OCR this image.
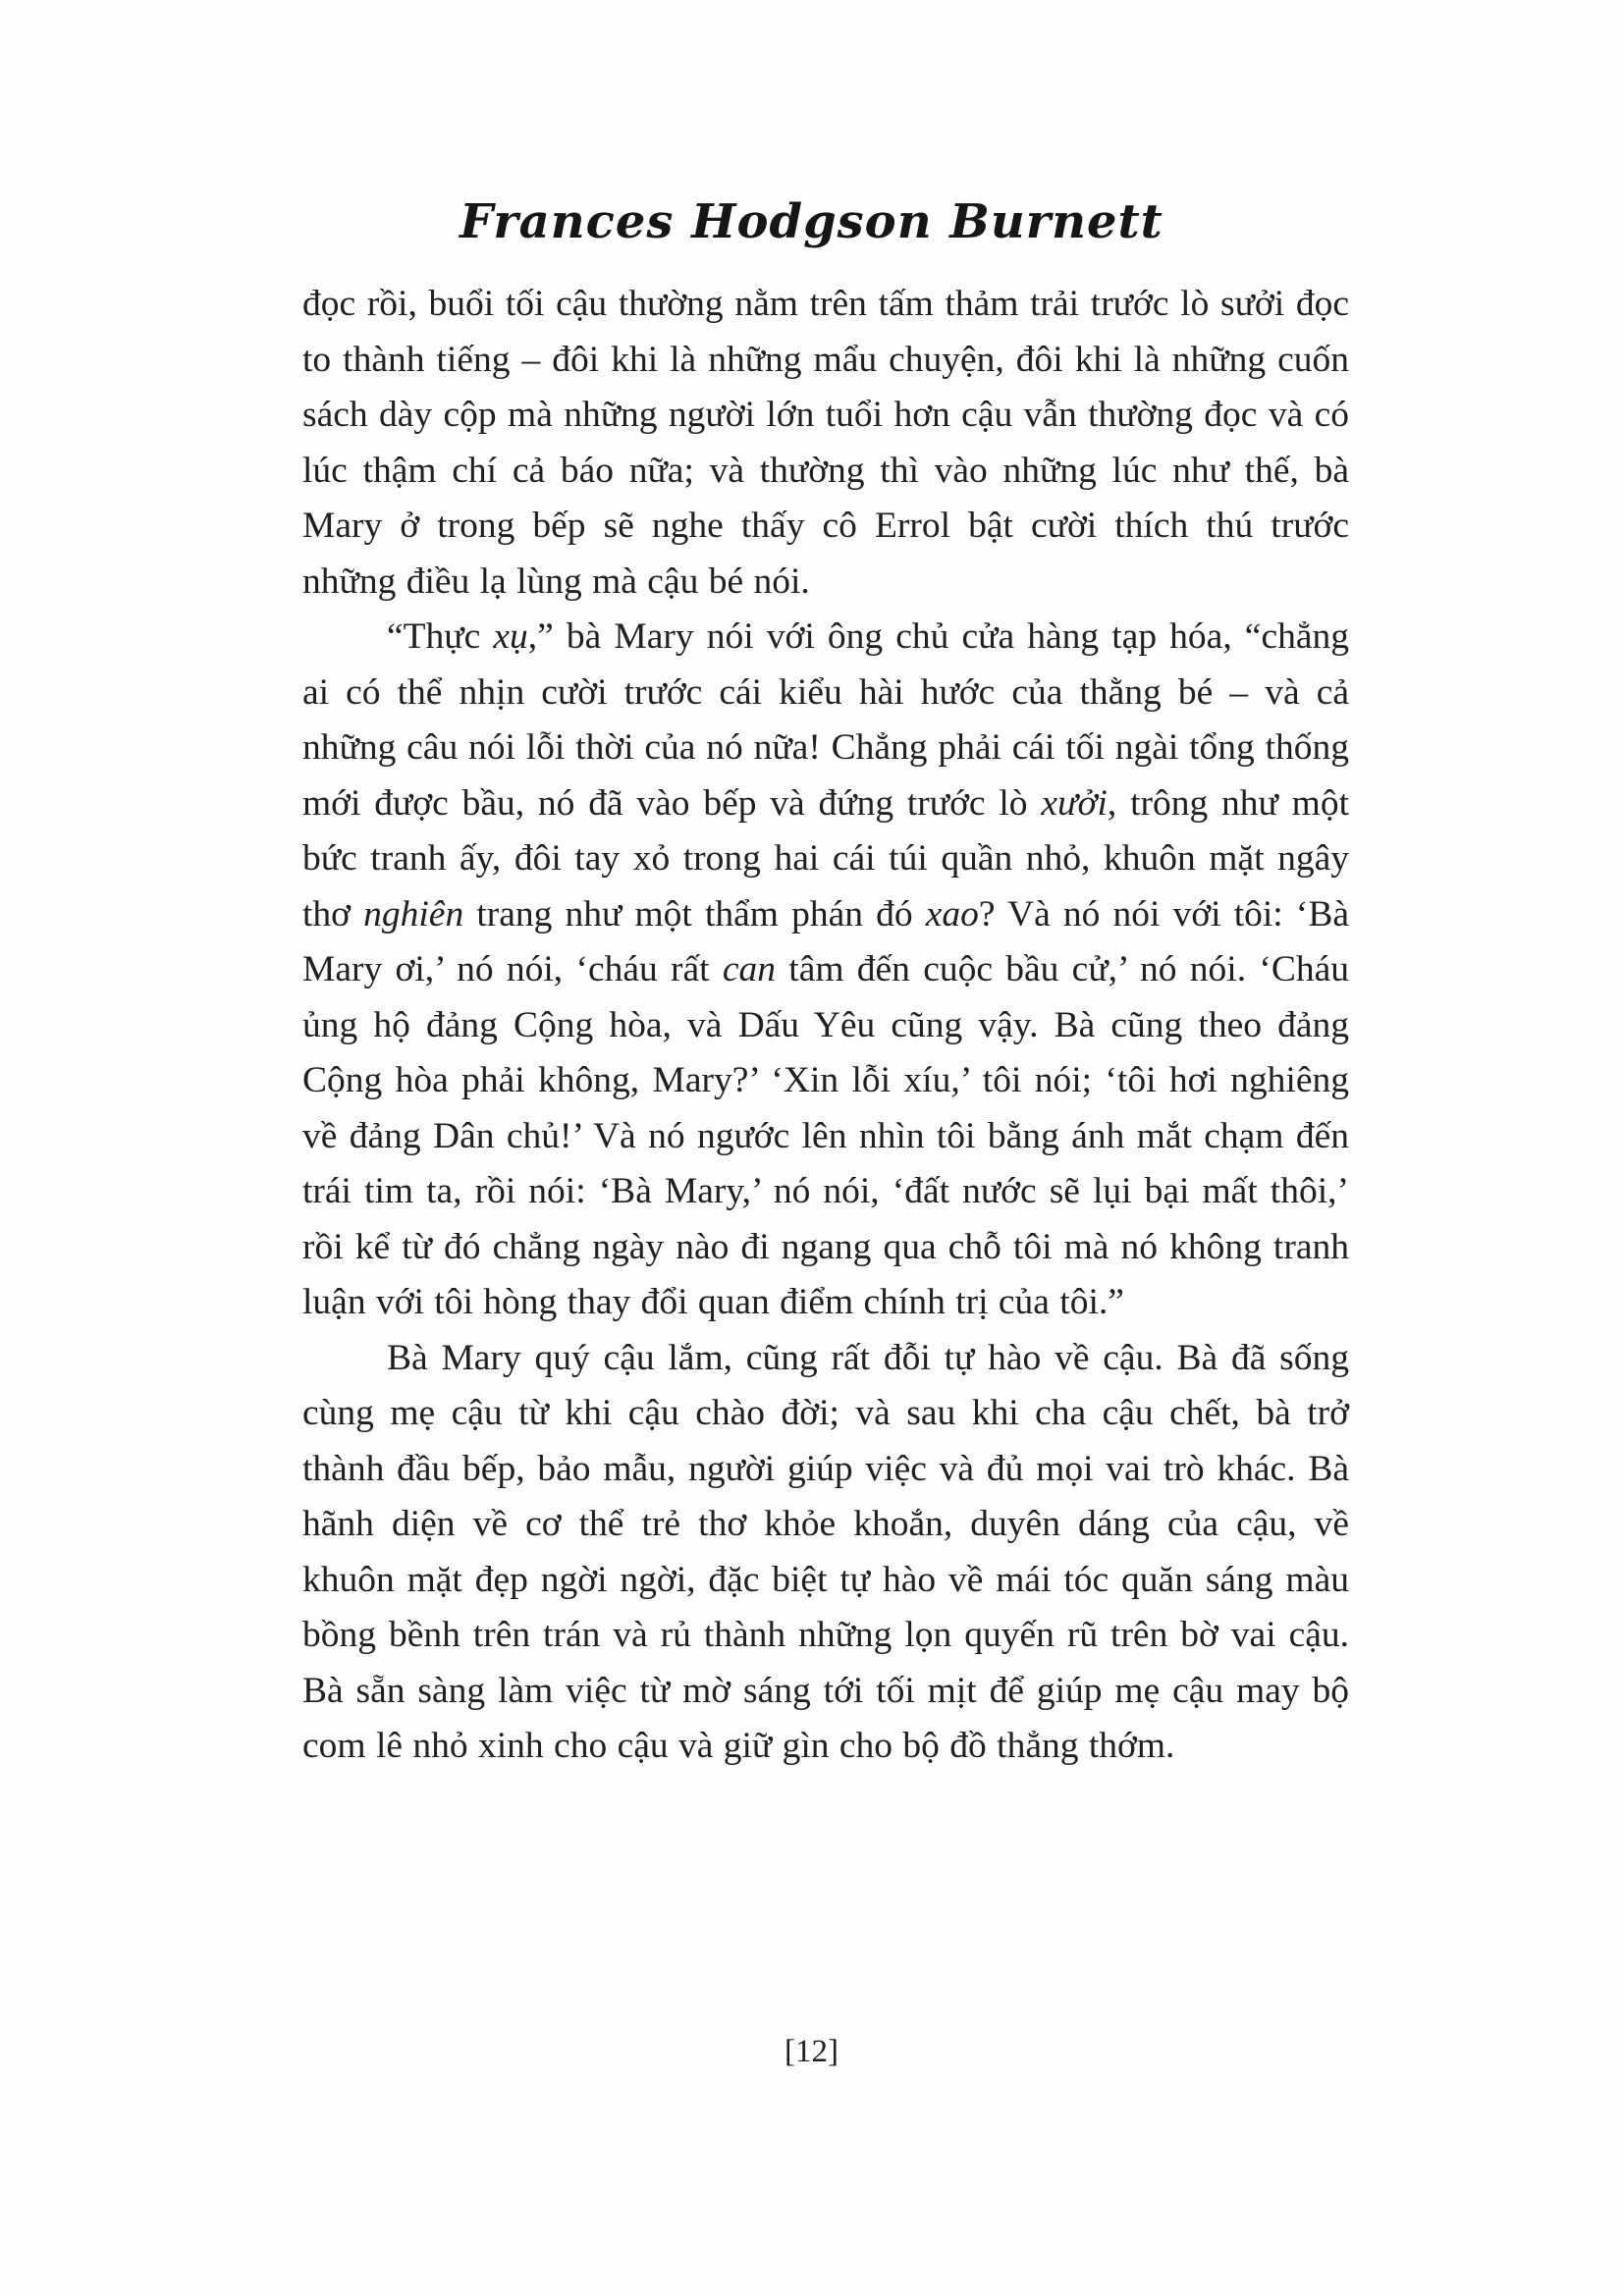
Frances Hodgson Burnett

đọc rồi, buổi tối cậu thường nằm trên tấm thảm trải trước lò sưởi đọc to thành tiếng – đôi khi là những mẩu chuyện, đôi khi là những cuốn sách dày cộp mà những người lớn tuổi hơn cậu vẫn thường đọc và có lúc thậm chí cả báo nữa; và thường thì vào những lúc như thế, bà Mary ở trong bếp sẽ nghe thấy cô Errol bật cười thích thú trước những điều lạ lùng mà cậu bé nói.

“Thực xụ,” bà Mary nói với ông chủ cửa hàng tạp hóa, “chẳng ai có thể nhịn cười trước cái kiểu hài hước của thằng bé – và cả những câu nói lỗi thời của nó nữa! Chẳng phải cái tối ngài tổng thống mới được bầu, nó đã vào bếp và đứng trước lò xưởi, trông như một bức tranh ấy, đôi tay xỏ trong hai cái túi quần nhỏ, khuôn mặt ngây thơ nghiên trang như một thẩm phán đó xao? Và nó nói với tôi: ‘Bà Mary ơi,’ nó nói, ‘cháu rất can tâm đến cuộc bầu cử,’ nó nói. ‘Cháu ủng hộ đảng Cộng hòa, và Dấu Yêu cũng vậy. Bà cũng theo đảng Cộng hòa phải không, Mary?’ ‘Xin lỗi xíu,’ tôi nói; ‘tôi hơi nghiêng về đảng Dân chủ!’ Và nó ngước lên nhìn tôi bằng ánh mắt chạm đến trái tim ta, rồi nói: ‘Bà Mary,’ nó nói, ‘đất nước sẽ lụi bại mất thôi,’ rồi kể từ đó chẳng ngày nào đi ngang qua chỗ tôi mà nó không tranh luận với tôi hòng thay đổi quan điểm chính trị của tôi.”

Bà Mary quý cậu lắm, cũng rất đỗi tự hào về cậu. Bà đã sống cùng mẹ cậu từ khi cậu chào đời; và sau khi cha cậu chết, bà trở thành đầu bếp, bảo mẫu, người giúp việc và đủ mọi vai trò khác. Bà hãnh diện về cơ thể trẻ thơ khỏe khoắn, duyên dáng của cậu, về khuôn mặt đẹp ngời ngời, đặc biệt tự hào về mái tóc quăn sáng màu bồng bềnh trên trán và rủ thành những lọn quyến rũ trên bờ vai cậu. Bà sẵn sàng làm việc từ mờ sáng tới tối mịt để giúp mẹ cậu may bộ com lê nhỏ xinh cho cậu và giữ gìn cho bộ đồ thẳng thớm.

[12]
